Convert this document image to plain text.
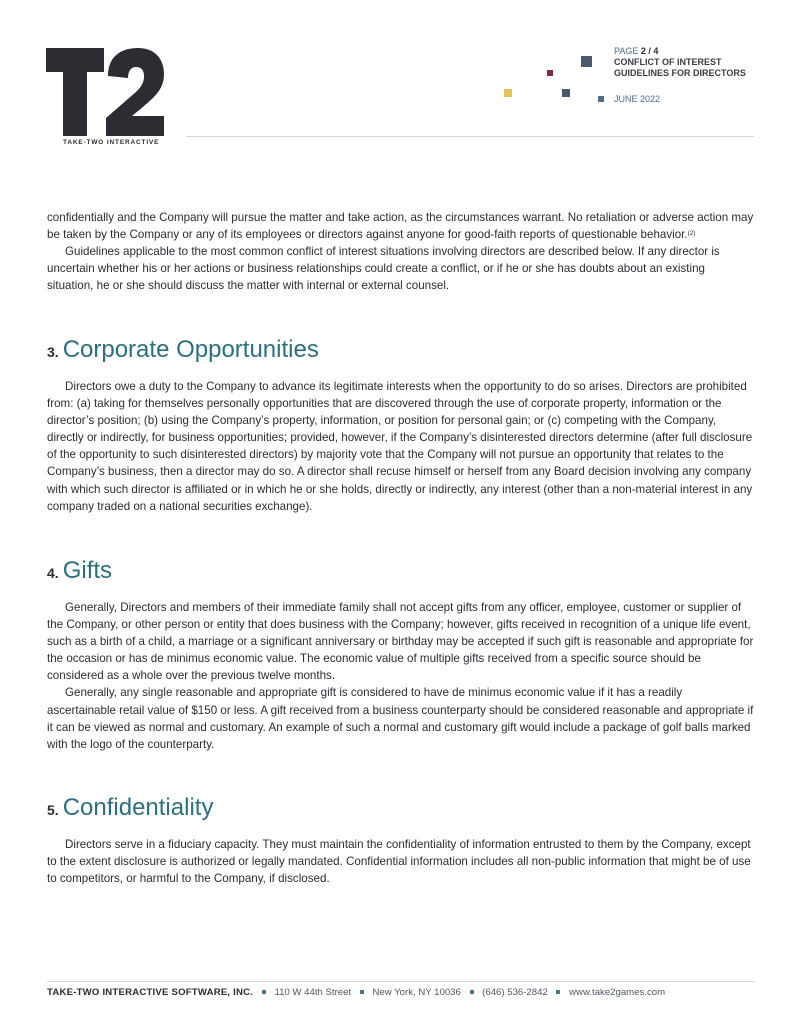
TAKE-TWO INTERACTIVE
PAGE 2 / 4
CONFLICT OF INTEREST
GUIDELINES FOR DIRECTORS
JUNE 2022

confidentially and the Company will pursue the matter and take action, as the circumstances warrant. No retaliation or adverse action may be taken by the Company or any of its employees or directors against anyone for good-faith reports of questionable behavior.$^{(2)}$

Guidelines applicable to the most common conflict of interest situations involving directors are described below. If any director is uncertain whether his or her actions or business relationships could create a conflict, or if he or she has doubts about an existing situation, he or she should discuss the matter with internal or external counsel.

3. Corporate Opportunities

Directors owe a duty to the Company to advance its legitimate interests when the opportunity to do so arises. Directors are prohibited from: (a) taking for themselves personally opportunities that are discovered through the use of corporate property, information or the director’s position; (b) using the Company’s property, information, or position for personal gain; or (c) competing with the Company, directly or indirectly, for business opportunities; provided, however, if the Company’s disinterested directors determine (after full disclosure of the opportunity to such disinterested directors) by majority vote that the Company will not pursue an opportunity that relates to the Company’s business, then a director may do so. A director shall recuse himself or herself from any Board decision involving any company with which such director is affiliated or in which he or she holds, directly or indirectly, any interest (other than a non-material interest in any company traded on a national securities exchange).

4. Gifts

Generally, Directors and members of their immediate family shall not accept gifts from any officer, employee, customer or supplier of the Company, or other person or entity that does business with the Company; however, gifts received in recognition of a unique life event, such as a birth of a child, a marriage or a significant anniversary or birthday may be accepted if such gift is reasonable and appropriate for the occasion or has de minimus economic value. The economic value of multiple gifts received from a specific source should be considered as a whole over the previous twelve months.

Generally, any single reasonable and appropriate gift is considered to have de minimus economic value if it has a readily ascertainable retail value of $150 or less. A gift received from a business counterparty should be considered reasonable and appropriate if it can be viewed as normal and customary. An example of such a normal and customary gift would include a package of golf balls marked with the logo of the counterparty.

5. Confidentiality

Directors serve in a fiduciary capacity. They must maintain the confidentiality of information entrusted to them by the Company, except to the extent disclosure is authorized or legally mandated. Confidential information includes all non-public information that might be of use to competitors, or harmful to the Company, if disclosed.

TAKE-TWO INTERACTIVE SOFTWARE, INC. 110 W 44th Street New York, NY 10036 (646) 536-2842 www.take2games.com
